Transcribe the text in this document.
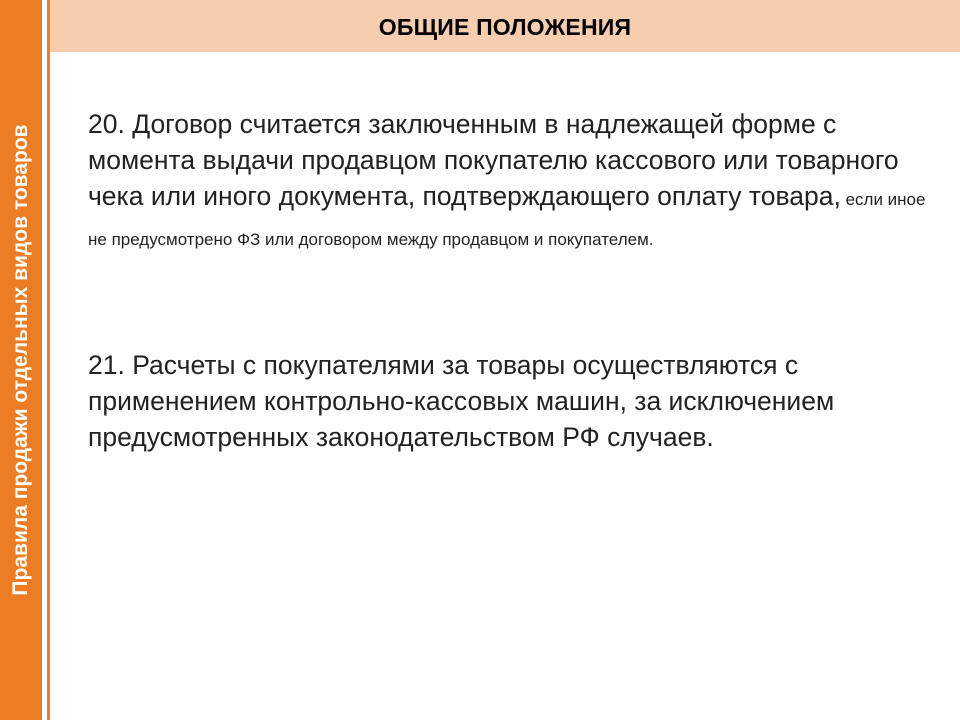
Правила продажи отдельных видов товаров
ОБЩИЕ ПОЛОЖЕНИЯ

20. Договор считается заключенным в надлежащей форме с момента выдачи продавцом покупателю кассового или товарного чека или иного документа, подтверждающего оплату товара, если иное не предусмотрено ФЗ или договором между продавцом и покупателем.

21. Расчеты с покупателями за товары осуществляются с применением контрольно-кассовых машин, за исключением предусмотренных законодательством РФ случаев.
